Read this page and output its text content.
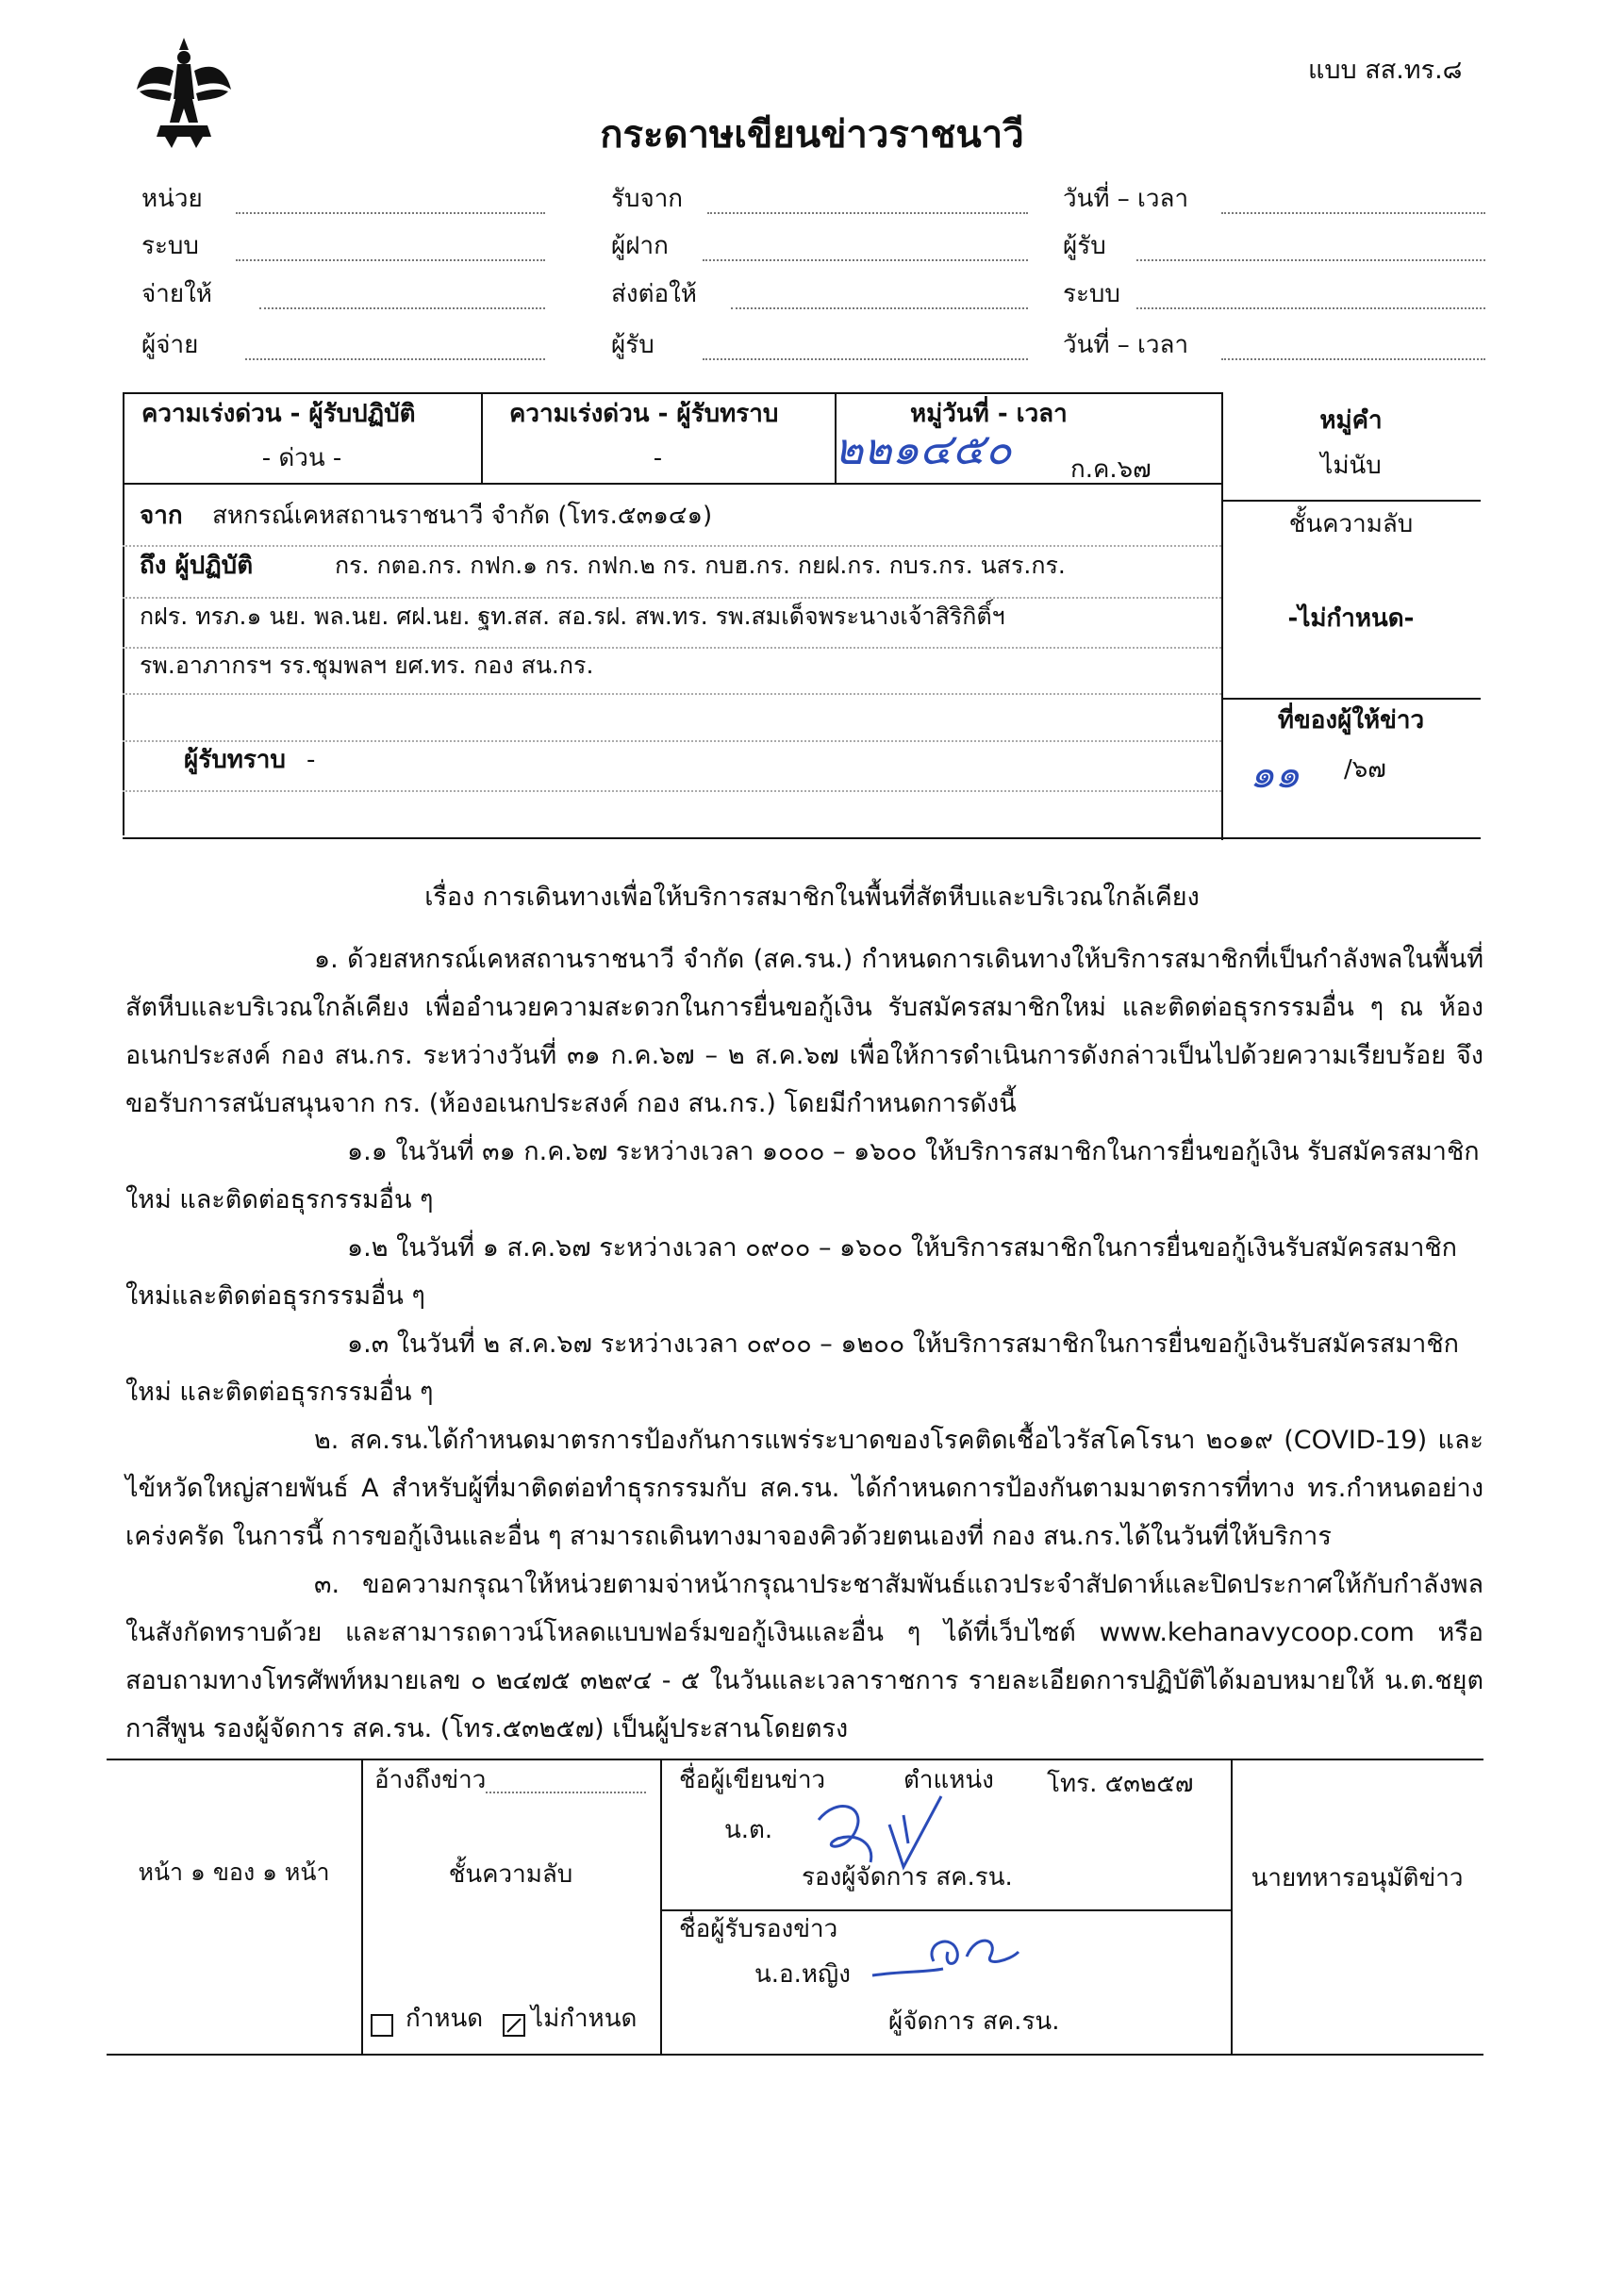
แบบ สส.ทร.๘
กระดาษเขียนข่าวราชนาวี
หน่วย
ระบบ
จ่ายให้
ผู้จ่าย
รับจาก
ผู้ฝาก
ส่งต่อให้
ผู้รับ
วันที่ – เวลา
ผู้รับ
ระบบ
วันที่ – เวลา
ความเร่งด่วน - ผู้รับปฏิบัติ
- ด่วน -
ความเร่งด่วน - ผู้รับทราบ
-
หมู่วันที่ - เวลา
๒๒๑๔๕๐ ก.ค.๖๗
หมู่คำ
ไม่นับ
จาก สหกรณ์เคหสถานราชนาวี จำกัด (โทร.๕๓๑๔๑)
ถึง ผู้ปฏิบัติ	กร. กตอ.กร. กฟก.๑ กร. กฟก.๒ กร. กบฮ.กร. กยฝ.กร. กบร.กร. นสร.กร.
กฝร. ทรภ.๑ นย. พล.นย. ศฝ.นย. ฐท.สส. สอ.รฝ. สพ.ทร. รพ.สมเด็จพระนางเจ้าสิริกิติ์ฯ
รพ.อาภากรฯ รร.ชุมพลฯ ยศ.ทร. กอง สน.กร.
ผู้รับทราบ -
ชั้นความลับ
-ไม่กำหนด-
ที่ของผู้ให้ข่าว
๑๑ /๖๗
เรื่อง การเดินทางเพื่อให้บริการสมาชิกในพื้นที่สัตหีบและบริเวณใกล้เคียง

๑. ด้วยสหกรณ์เคหสถานราชนาวี จำกัด (สค.รน.) กำหนดการเดินทางให้บริการสมาชิกที่เป็นกำลังพลในพื้นที่สัตหีบและบริเวณใกล้เคียง เพื่ออำนวยความสะดวกในการยื่นขอกู้เงิน รับสมัครสมาชิกใหม่ และติดต่อธุรกรรมอื่น ๆ ณ ห้องอเนกประสงค์ กอง สน.กร. ระหว่างวันที่ ๓๑ ก.ค.๖๗ – ๒ ส.ค.๖๗ เพื่อให้การดำเนินการดังกล่าวเป็นไปด้วยความเรียบร้อย จึงขอรับการสนับสนุนจาก กร. (ห้องอเนกประสงค์ กอง สน.กร.) โดยมีกำหนดการดังนี้

๑.๑ ในวันที่ ๓๑ ก.ค.๖๗ ระหว่างเวลา ๑๐๐๐ – ๑๖๐๐ ให้บริการสมาชิกในการยื่นขอกู้เงิน รับสมัครสมาชิกใหม่ และติดต่อธุรกรรมอื่น ๆ

๑.๒ ในวันที่ ๑ ส.ค.๖๗ ระหว่างเวลา ๐๙๐๐ – ๑๖๐๐ ให้บริการสมาชิกในการยื่นขอกู้เงินรับสมัครสมาชิกใหม่และติดต่อธุรกรรมอื่น ๆ

๑.๓ ในวันที่ ๒ ส.ค.๖๗ ระหว่างเวลา ๐๙๐๐ – ๑๒๐๐ ให้บริการสมาชิกในการยื่นขอกู้เงินรับสมัครสมาชิกใหม่ และติดต่อธุรกรรมอื่น ๆ

๒. สค.รน.ได้กำหนดมาตรการป้องกันการแพร่ระบาดของโรคติดเชื้อไวรัสโคโรนา ๒๐๑๙ (COVID-19) และไข้หวัดใหญ่สายพันธ์ A สำหรับผู้ที่มาติดต่อทำธุรกรรมกับ สค.รน. ได้กำหนดการป้องกันตามมาตรการที่ทาง ทร.กำหนดอย่างเคร่งครัด ในการนี้ การขอกู้เงินและอื่น ๆ สามารถเดินทางมาจองคิวด้วยตนเองที่ กอง สน.กร.ได้ในวันที่ให้บริการ

๓. ขอความกรุณาให้หน่วยตามจ่าหน้ากรุณาประชาสัมพันธ์แถวประจำสัปดาห์และปิดประกาศให้กับกำลังพลในสังกัดทราบด้วย และสามารถดาวน์โหลดแบบฟอร์มขอกู้เงินและอื่น ๆ ได้ที่เว็บไซต์ www.kehanavycoop.com หรือสอบถามทางโทรศัพท์หมายเลข ๐ ๒๔๗๕ ๓๒๙๔ - ๕ ในวันและเวลาราชการ รายละเอียดการปฏิบัติได้มอบหมายให้ น.ต.ชยุต กาสีพูน รองผู้จัดการ สค.รน. (โทร.๕๓๒๕๗) เป็นผู้ประสานโดยตรง

หน้า ๑ ของ ๑ หน้า
อ้างถึงข่าว
ชั้นความลับ
กำหนด ไม่กำหนด
ชื่อผู้เขียนข่าว	ตำแหน่ง โทร. ๕๓๒๕๗
น.ต.
รองผู้จัดการ สค.รน.
ชื่อผู้รับรองข่าว
น.อ.หญิง
ผู้จัดการ สค.รน.
นายทหารอนุมัติข่าว
